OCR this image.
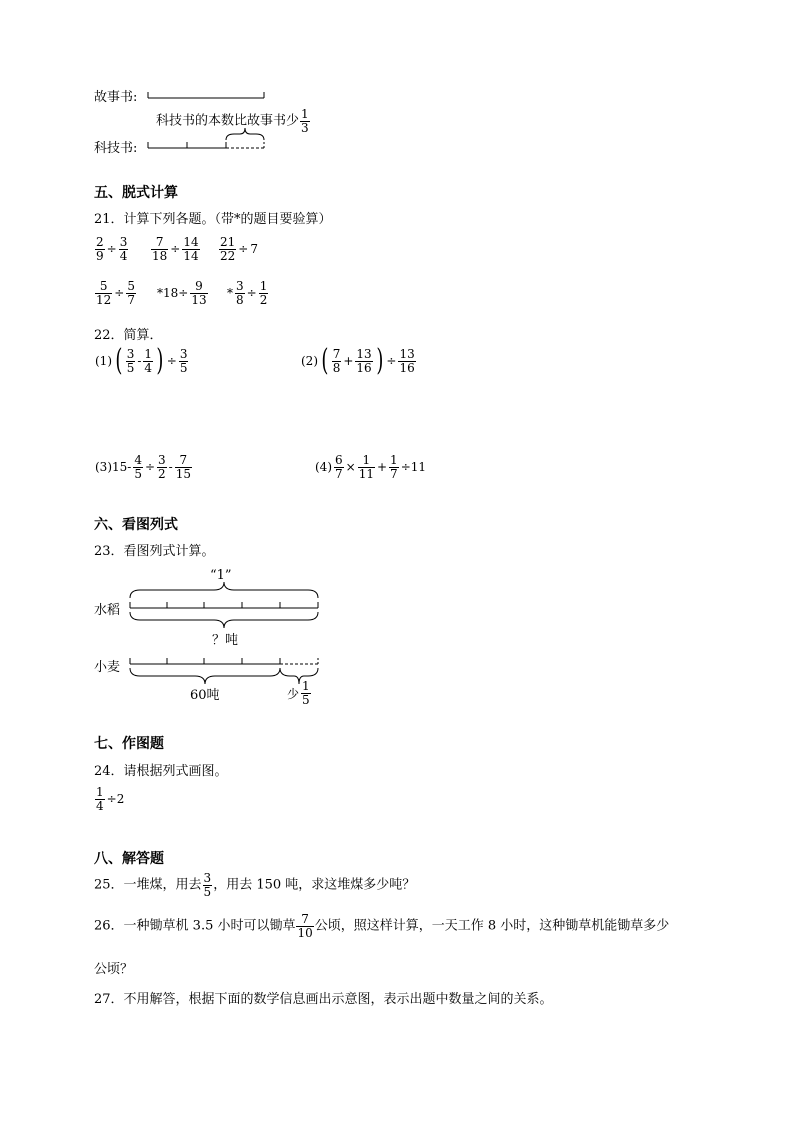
故事书:
科技书的本数比故事书少 $\frac{1}{3}$
科技书:
五、脱式计算
21．计算下列各题。（带*的题目要验算）
$\frac{2}{9} \div \frac{3}{4} \frac{7}{18} \div \frac{14}{14} \frac{21}{22} \div 7$
$\frac{5}{12} \div \frac{5}{7} *18\div \frac{9}{13} * \frac{3}{8} \div \frac{1}{2}$
22．简算．
(1) ( $\frac{3}{5} - \frac{1}{4}$ ) ÷ $\frac{3}{5}$	(2) ( $\frac{7}{8} + \frac{13}{16}$ ) ÷ $\frac{13}{16}$
$(3)15- \frac{4}{5} \div \frac{3}{2} - \frac{7}{15}$	$(4) \frac{6}{7} \times \frac{1}{11} + \frac{1}{7} \div 11$
六、看图列式
23．看图列式计算。
“1”
水稻
？吨
小麦
60吨	少 $\frac{1}{5}$
七、作图题
24．请根据列式画图。
$\frac{1}{4} \div 2$
八、解答题
25．一堆煤，用去 $\frac{3}{5}$ ，用去 150 吨，求这堆煤多少吨？
26．一种锄草机 3.5 小时可以锄草 $\frac{7}{10}$ 公顷，照这样计算，一天工作 8 小时，这种锄草机能锄草多少
公顷？
27．不用解答，根据下面的数学信息画出示意图，表示出题中数量之间的关系。
